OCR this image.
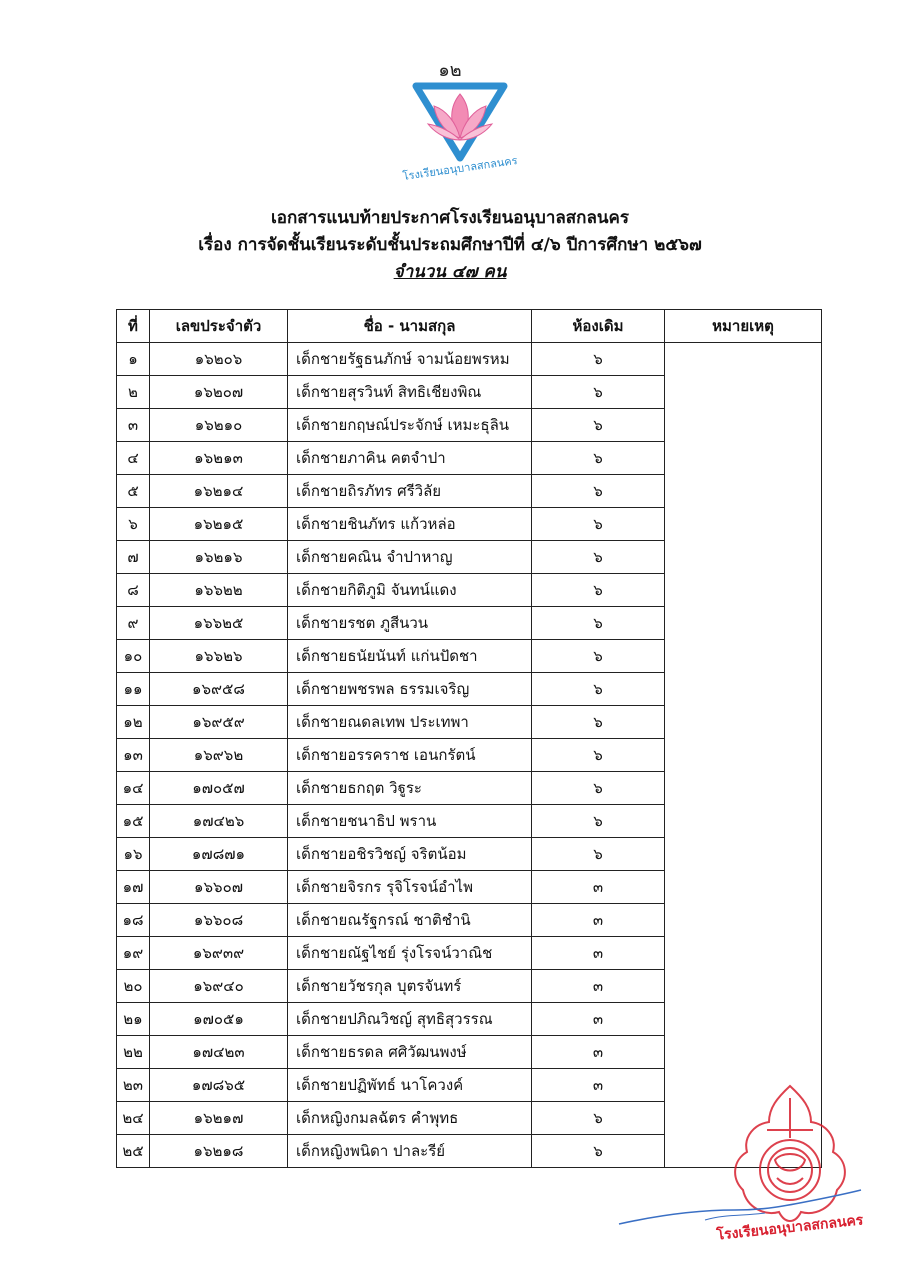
๑๒
โรงเรียนอนุบาลสกลนคร
เอกสารแนบท้ายประกาศโรงเรียนอนุบาลสกลนคร
เรื่อง การจัดชั้นเรียนระดับชั้นประถมศึกษาปีที่ ๔/๖ ปีการศึกษา ๒๕๖๗
จำนวน ๔๗ คน
ที่	เลขประจำตัว	ชื่อ - นามสกุล	ห้องเดิม	หมายเหตุ
๑	๑๖๒๐๖	เด็กชายรัฐธนภักษ์ จามน้อยพรหม	๖	
๒	๑๖๒๐๗	เด็กชายสุรวินท์ สิทธิเชียงพิณ	๖	
๓	๑๖๒๑๐	เด็กชายกฤษณ์ประจักษ์ เหมะธุลิน	๖	
๔	๑๖๒๑๓	เด็กชายภาคิน คตจำปา	๖	
๕	๑๖๒๑๔	เด็กชายถิรภัทร ศรีวิลัย	๖	
๖	๑๖๒๑๕	เด็กชายชินภัทร แก้วหล่อ	๖	
๗	๑๖๒๑๖	เด็กชายคณิน จำปาหาญ	๖	
๘	๑๖๖๒๒	เด็กชายกิติภูมิ จันทน์แดง	๖	
๙	๑๖๖๒๕	เด็กชายรชต ภูสีนวน	๖	
๑๐	๑๖๖๒๖	เด็กชายธนัยนันท์ แก่นปัดชา	๖	
๑๑	๑๖๙๕๘	เด็กชายพชรพล ธรรมเจริญ	๖	
๑๒	๑๖๙๕๙	เด็กชายณดลเทพ ประเทพา	๖	
๑๓	๑๖๙๖๒	เด็กชายอรรคราช เอนกรัตน์	๖	
๑๔	๑๗๐๕๗	เด็กชายธกฤต วิฐูระ	๖	
๑๕	๑๗๔๒๖	เด็กชายชนาธิป พราน	๖	
๑๖	๑๗๘๗๑	เด็กชายอชิรวิชญ์ จริตน้อม	๖	
๑๗	๑๖๖๐๗	เด็กชายจิรกร รุจิโรจน์อำไพ	๓	
๑๘	๑๖๖๐๘	เด็กชายณรัฐกรณ์ ชาติชำนิ	๓	
๑๙	๑๖๙๓๙	เด็กชายณัฐไชย์ รุ่งโรจน์วาณิช	๓	
๒๐	๑๖๙๔๐	เด็กชายวัชรกุล บุตรจันทร์	๓	
๒๑	๑๗๐๕๑	เด็กชายปภิณวิชญ์ สุทธิสุวรรณ	๓	
๒๒	๑๗๔๒๓	เด็กชายธรดล ศศิวัฒนพงษ์	๓	
๒๓	๑๗๘๖๕	เด็กชายปฏิพัทธ์ นาโควงค์	๓	
๒๔	๑๖๒๑๗	เด็กหญิงกมลฉัตร คำพุทธ	๖	
๒๕	๑๖๒๑๘	เด็กหญิงพนิดา ปาละรีย์	๖	
โรงเรียนอนุบาลสกลนคร
